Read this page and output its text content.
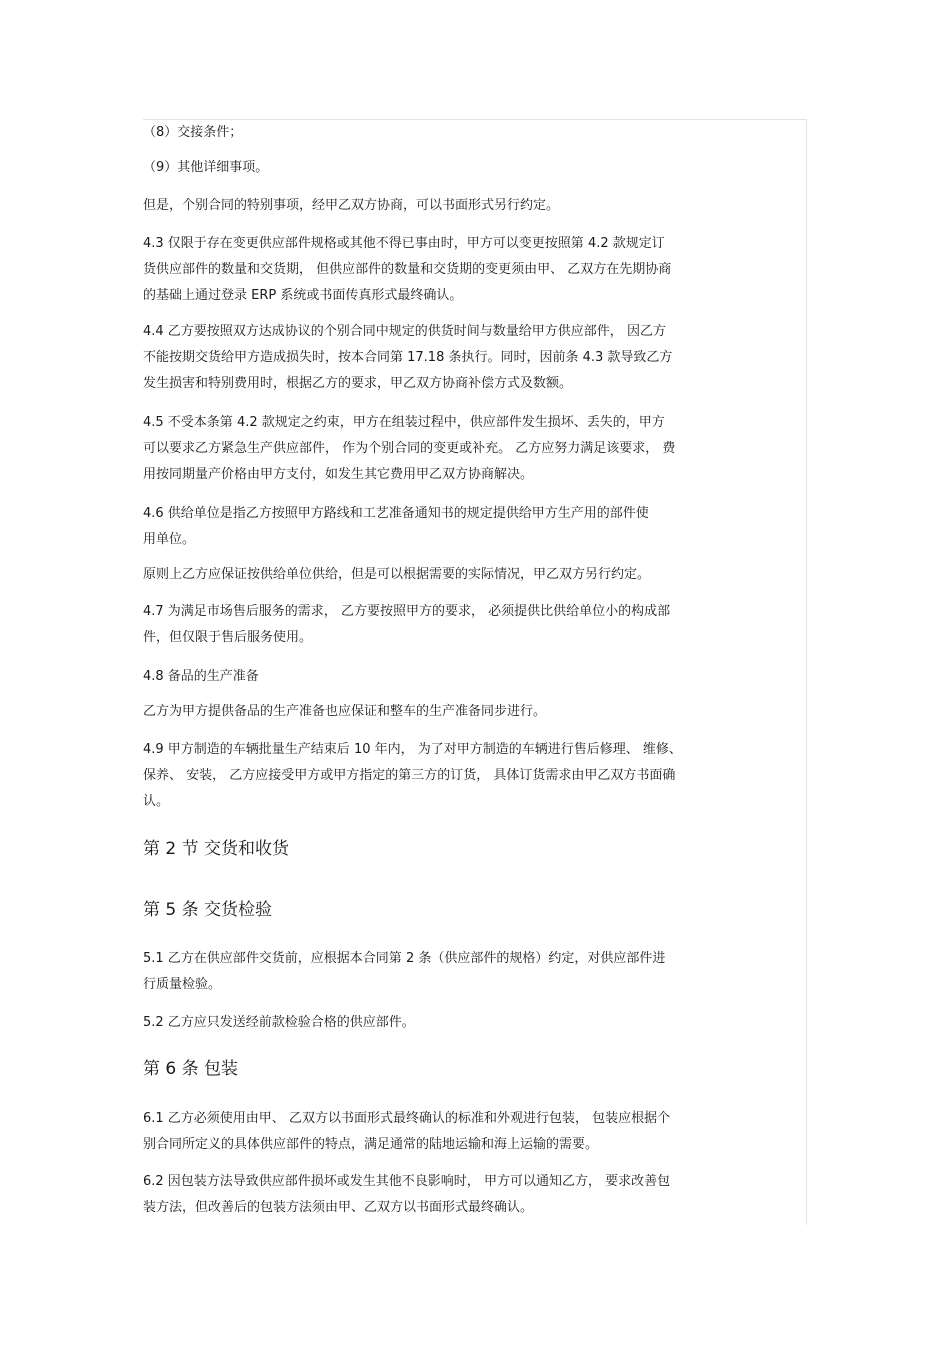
（8）交接条件；
（9）其他详细事项。
但是，个别合同的特别事项，经甲乙双方协商，可以书面形式另行约定。
4.3 仅限于存在变更供应部件规格或其他不得已事由时，甲方可以变更按照第 4.2 款规定订
货供应部件的数量和交货期， 但供应部件的数量和交货期的变更须由甲、 乙双方在先期协商
的基础上通过登录 ERP 系统或书面传真形式最终确认。
4.4 乙方要按照双方达成协议的个别合同中规定的供货时间与数量给甲方供应部件， 因乙方
不能按期交货给甲方造成损失时，按本合同第 17.18 条执行。同时，因前条 4.3 款导致乙方
发生损害和特别费用时，根据乙方的要求，甲乙双方协商补偿方式及数额。
4.5 不受本条第 4.2 款规定之约束，甲方在组装过程中，供应部件发生损坏、丢失的，甲方
可以要求乙方紧急生产供应部件， 作为个别合同的变更或补充。 乙方应努力满足该要求， 费
用按同期量产价格由甲方支付，如发生其它费用甲乙双方协商解决。
4.6 供给单位是指乙方按照甲方路线和工艺准备通知书的规定提供给甲方生产用的部件使
用单位。
原则上乙方应保证按供给单位供给，但是可以根据需要的实际情况，甲乙双方另行约定。
4.7 为满足市场售后服务的需求， 乙方要按照甲方的要求， 必须提供比供给单位小的构成部
件，但仅限于售后服务使用。
4.8 备品的生产准备
乙方为甲方提供备品的生产准备也应保证和整车的生产准备同步进行。
4.9 甲方制造的车辆批量生产结束后 10 年内， 为了对甲方制造的车辆进行售后修理、 维修、
保养、 安装， 乙方应接受甲方或甲方指定的第三方的订货， 具体订货需求由甲乙双方书面确
认。
第 2 节 交货和收货
第 5 条 交货检验
5.1 乙方在供应部件交货前，应根据本合同第 2 条（供应部件的规格）约定，对供应部件进
行质量检验。
5.2 乙方应只发送经前款检验合格的供应部件。
第 6 条 包装
6.1 乙方必须使用由甲、 乙双方以书面形式最终确认的标准和外观进行包装， 包装应根据个
别合同所定义的具体供应部件的特点，满足通常的陆地运输和海上运输的需要。
6.2 因包装方法导致供应部件损坏或发生其他不良影响时， 甲方可以通知乙方， 要求改善包
装方法，但改善后的包装方法须由甲、乙双方以书面形式最终确认。
